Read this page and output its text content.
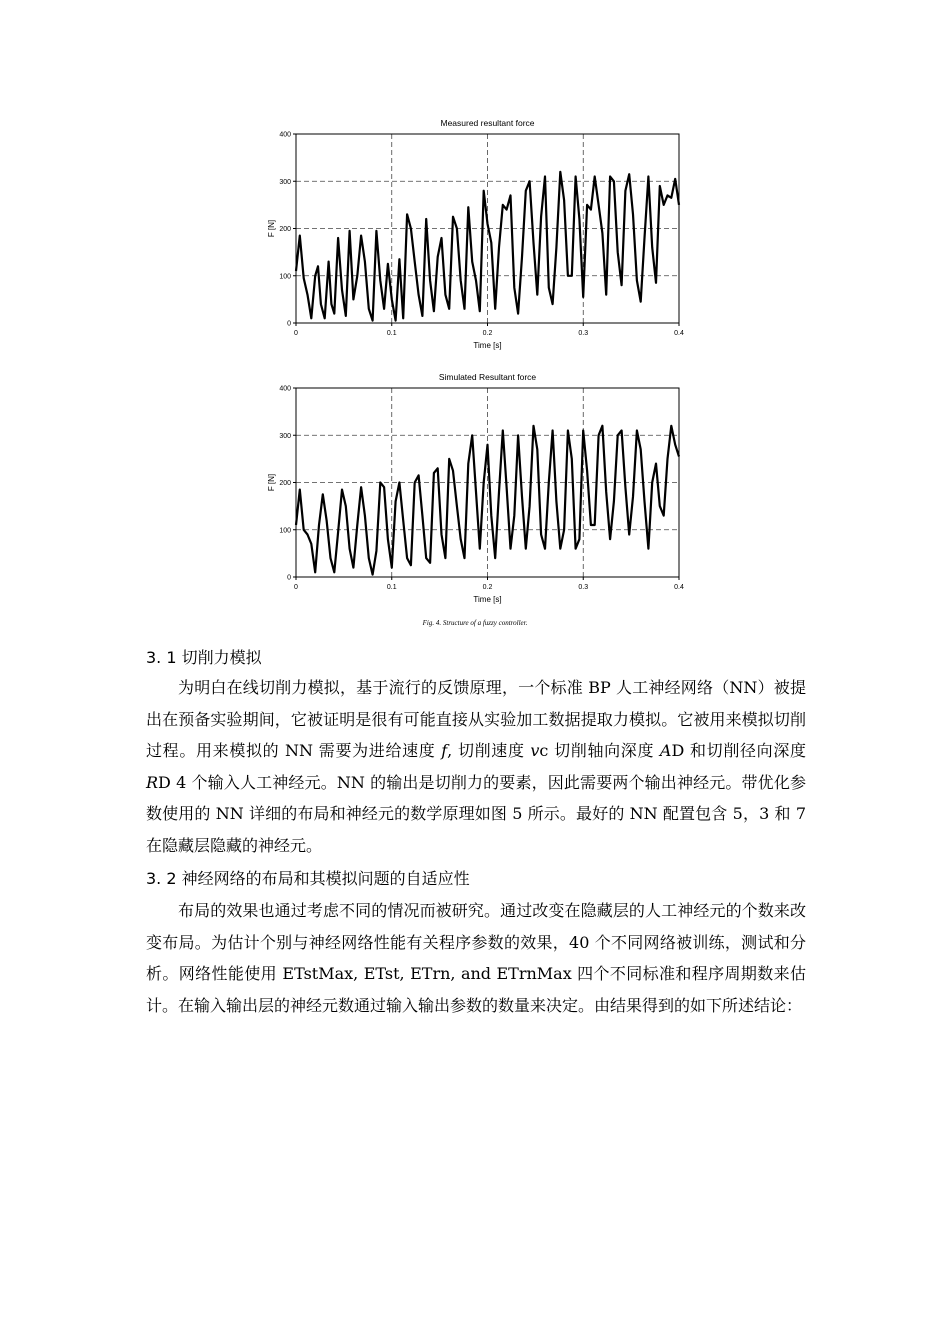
Measured resultant force
0	0.1	0.2	0.3	0.4
0
100
200
300
400
Time [s]
F [N]
Simulated Resultant force
0	0.1	0.2	0.3	0.4
0
100
200
300
400
Time [s]
F [N]
Fig. 4. Structure of a fuzzy controller.
3. 1 切削力模拟

为明白在线切削力模拟，基于流行的反馈原理，一个标准 BP 人工神经网络（NN）被提出在预备实验期间，它被证明是很有可能直接从实验加工数据提取力模拟。它被用来模拟切削过程。用来模拟的 NN 需要为进给速度 f, 切削速度 vc 切削轴向深度 AD 和切削径向深度 RD 4 个输入人工神经元。NN 的输出是切削力的要素，因此需要两个输出神经元。带优化参数使用的 NN 详细的布局和神经元的数学原理如图 5 所示。最好的 NN 配置包含 5，3 和 7 在隐藏层隐藏的神经元。

3. 2 神经网络的布局和其模拟问题的自适应性

布局的效果也通过考虑不同的情况而被研究。通过改变在隐藏层的人工神经元的个数来改变布局。为估计个别与神经网络性能有关程序参数的效果，40 个不同网络被训练，测试和分析。网络性能使用 ETstMax, ETst, ETrn, and ETrnMax 四个不同标准和程序周期数来估计。在输入输出层的神经元数通过输入输出参数的数量来决定。由结果得到的如下所述结论：
